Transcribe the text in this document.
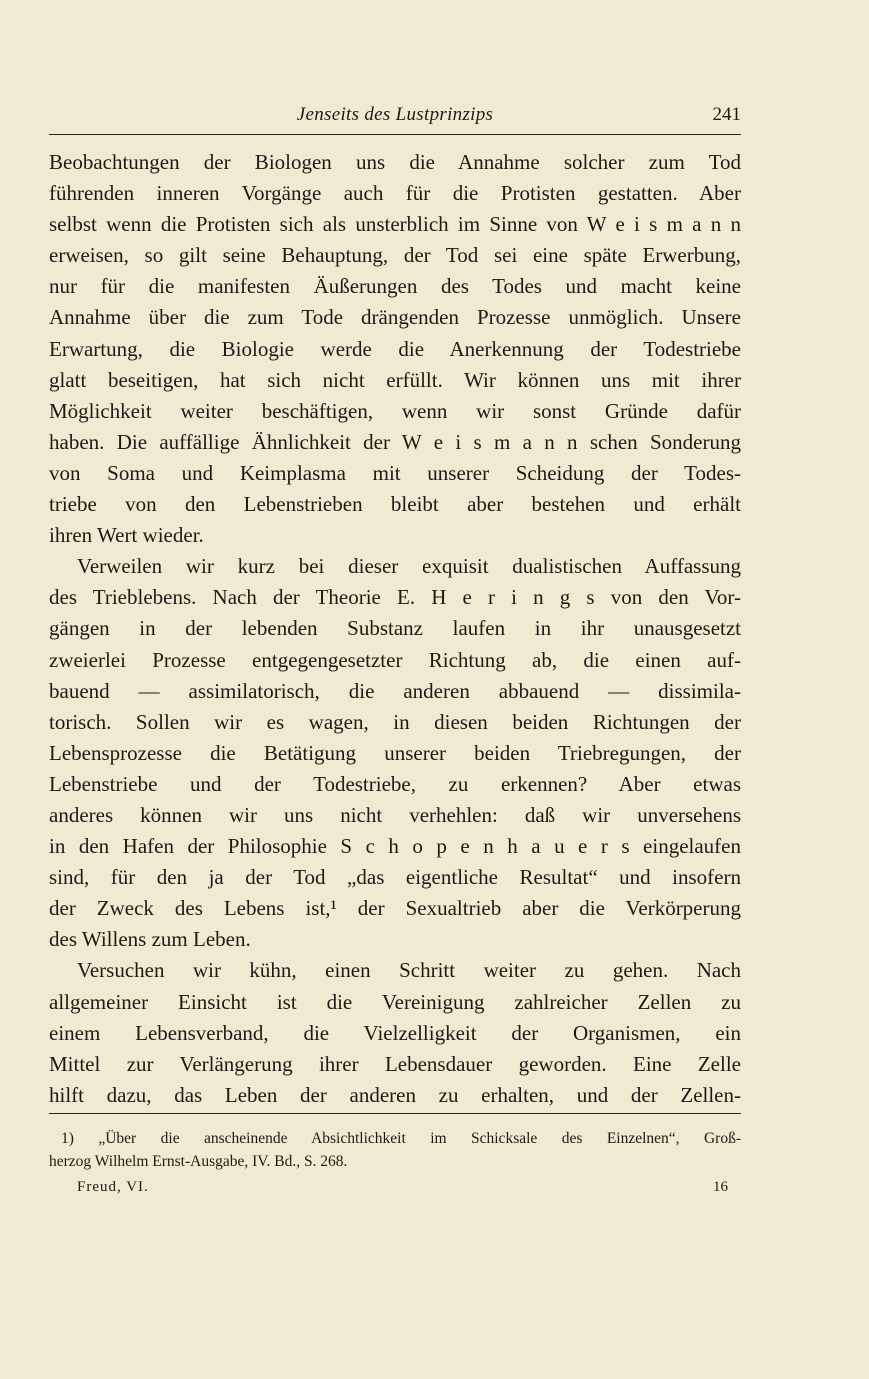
Jenseits des Lustprinzips	241
Beobachtungen der Biologen uns die Annahme solcher zum Tod
führenden inneren Vorgänge auch für die Protisten gestatten. Aber
selbst wenn die Protisten sich als unsterblich im Sinne von W e i s m a n n
erweisen, so gilt seine Behauptung, der Tod sei eine späte Erwerbung,
nur für die manifesten Äußerungen des Todes und macht keine
Annahme über die zum Tode drängenden Prozesse unmöglich. Unsere
Erwartung, die Biologie werde die Anerkennung der Todestriebe
glatt beseitigen, hat sich nicht erfüllt. Wir können uns mit ihrer
Möglichkeit weiter beschäftigen, wenn wir sonst Gründe dafür
haben. Die auffällige Ähnlichkeit der W e i s m a n n schen Sonderung
von Soma und Keimplasma mit unserer Scheidung der Todes-
triebe von den Lebenstrieben bleibt aber bestehen und erhält
ihren Wert wieder.
Verweilen wir kurz bei dieser exquisit dualistischen Auffassung
des Trieblebens. Nach der Theorie E. H e r i n g s von den Vor-
gängen in der lebenden Substanz laufen in ihr unausgesetzt
zweierlei Prozesse entgegengesetzter Richtung ab, die einen auf-
bauend — assimilatorisch, die anderen abbauend — dissimila-
torisch. Sollen wir es wagen, in diesen beiden Richtungen der
Lebensprozesse die Betätigung unserer beiden Triebregungen, der
Lebenstriebe und der Todestriebe, zu erkennen? Aber etwas
anderes können wir uns nicht verhehlen: daß wir unversehens
in den Hafen der Philosophie S c h o p e n h a u e r s eingelaufen
sind, für den ja der Tod „das eigentliche Resultat“ und insofern
der Zweck des Lebens ist,¹ der Sexualtrieb aber die Verkörperung
des Willens zum Leben.
Versuchen wir kühn, einen Schritt weiter zu gehen. Nach
allgemeiner Einsicht ist die Vereinigung zahlreicher Zellen zu
einem Lebensverband, die Vielzelligkeit der Organismen, ein
Mittel zur Verlängerung ihrer Lebensdauer geworden. Eine Zelle
hilft dazu, das Leben der anderen zu erhalten, und der Zellen-
1) „Über die anscheinende Absichtlichkeit im Schicksale des Einzelnen“, Groß-
herzog Wilhelm Ernst-Ausgabe, IV. Bd., S. 268.
Freud, VI.	16
